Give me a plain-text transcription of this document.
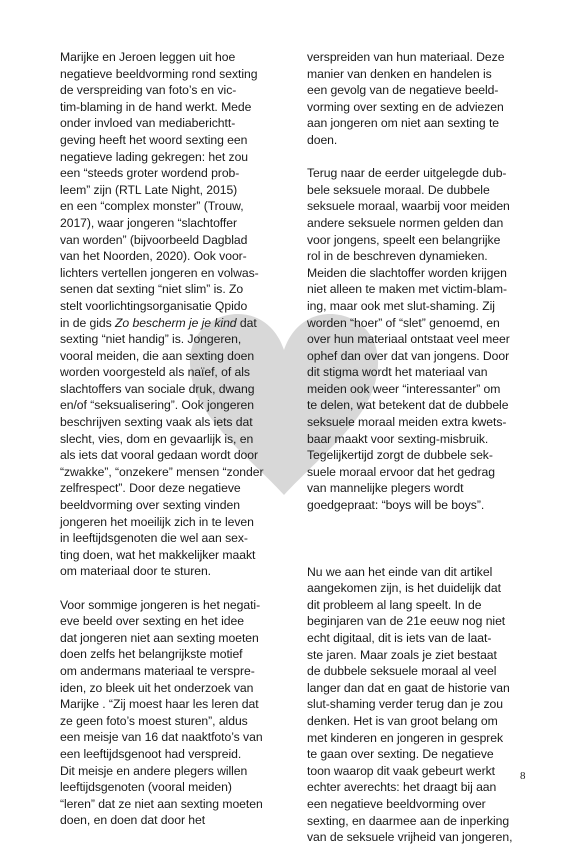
Marijke en Jeroen leggen uit hoe
negatieve beeldvorming rond sexting
de verspreiding van foto’s en vic-
tim-blaming in de hand werkt. Mede
onder invloed van mediaberichtt-
geving heeft het woord sexting een
negatieve lading gekregen: het zou
een “steeds groter wordend prob-
leem” zijn (RTL Late Night, 2015)
en een “complex monster” (Trouw,
2017), waar jongeren “slachtoffer
van worden” (bijvoorbeeld Dagblad
van het Noorden, 2020). Ook voor-
lichters vertellen jongeren en volwas-
senen dat sexting “niet slim” is. Zo
stelt voorlichtingsorganisatie Qpido
in de gids Zo bescherm je je kind dat
sexting “niet handig” is. Jongeren,
vooral meiden, die aan sexting doen
worden voorgesteld als naïef, of als
slachtoffers van sociale druk, dwang
en/of “seksualisering”. Ook jongeren
beschrijven sexting vaak als iets dat
slecht, vies, dom en gevaarlijk is, en
als iets dat vooral gedaan wordt door
“zwakke”, “onzekere” mensen “zonder
zelfrespect”. Door deze negatieve
beeldvorming over sexting vinden
jongeren het moeilijk zich in te leven
in leeftijdsgenoten die wel aan sex-
ting doen, wat het makkelijker maakt
om materiaal door te sturen.

Voor sommige jongeren is het negati-
eve beeld over sexting en het idee
dat jongeren niet aan sexting moeten
doen zelfs het belangrijkste motief
om andermans materiaal te verspre-
iden, zo bleek uit het onderzoek van
Marijke . “Zij moest haar les leren dat
ze geen foto’s moest sturen”, aldus
een meisje van 16 dat naaktfoto’s van
een leeftijdsgenoot had verspreid.
Dit meisje en andere plegers willen
leeftijdsgenoten (vooral meiden)
“leren” dat ze niet aan sexting moeten
doen, en doen dat door het

verspreiden van hun materiaal. Deze
manier van denken en handelen is
een gevolg van de negatieve beeld-
vorming over sexting en de adviezen
aan jongeren om niet aan sexting te
doen.

Terug naar de eerder uitgelegde dub-
bele seksuele moraal. De dubbele
seksuele moraal, waarbij voor meiden
andere seksuele normen gelden dan
voor jongens, speelt een belangrijke
rol in de beschreven dynamieken.
Meiden die slachtoffer worden krijgen
niet alleen te maken met victim-blam-
ing, maar ook met slut-shaming. Zij
worden “hoer” of “slet” genoemd, en
over hun materiaal ontstaat veel meer
ophef dan over dat van jongens. Door
dit stigma wordt het materiaal van
meiden ook weer “interessanter” om
te delen, wat betekent dat de dubbele
seksuele moraal meiden extra kwets-
baar maakt voor sexting-misbruik.
Tegelijkertijd zorgt de dubbele sek-
suele moraal ervoor dat het gedrag
van mannelijke plegers wordt
goedgepraat: “boys will be boys”.

Nu we aan het einde van dit artikel
aangekomen zijn, is het duidelijk dat
dit probleem al lang speelt. In de
beginjaren van de 21e eeuw nog niet
echt digitaal, dit is iets van de laat-
ste jaren. Maar zoals je ziet bestaat
de dubbele seksuele moraal al veel
langer dan dat en gaat de historie van
slut-shaming verder terug dan je zou
denken. Het is van groot belang om
met kinderen en jongeren in gesprek
te gaan over sexting. De negatieve
toon waarop dit vaak gebeurt werkt
echter averechts: het draagt bij aan
een negatieve beeldvorming over
sexting, en daarmee aan de inperking
van de seksuele vrijheid van jongeren,

8
